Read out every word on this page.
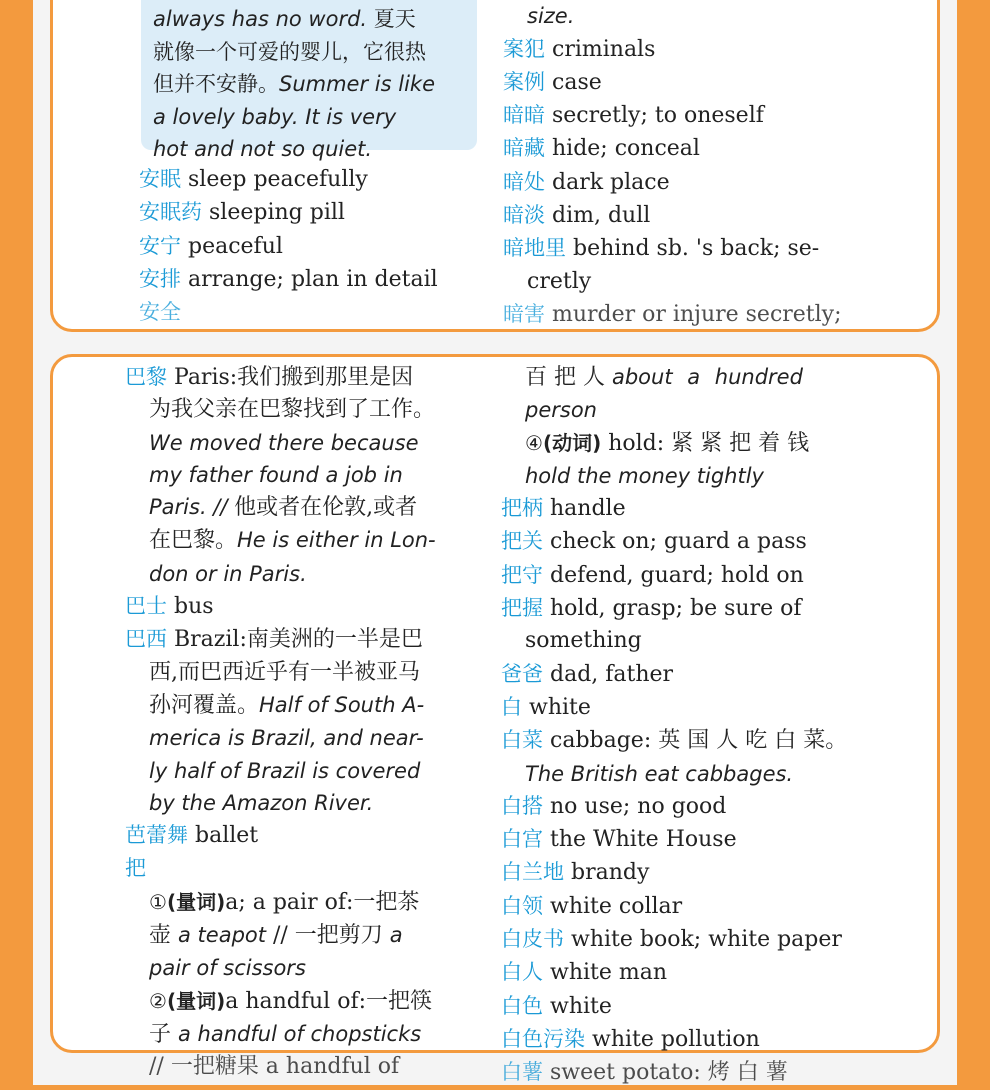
always has no word. 夏天
就像一个可爱的婴儿，它很热
但并不安静。Summer is like
a lovely baby. It is very
hot and not so quiet.
安眠 sleep peacefully
安眠药 sleeping pill
安宁 peaceful
安排 arrange; plan in detail
安全
size.
案犯 criminals
案例 case
暗暗 secretly; to oneself
暗藏 hide; conceal
暗处 dark place
暗淡 dim, dull
暗地里 behind sb. 's back; se-
cretly
暗害 murder or injure secretly;
巴黎 Paris:我们搬到那里是因
为我父亲在巴黎找到了工作。
We moved there because
my father found a job in
Paris. // 他或者在伦敦,或者
在巴黎。He is either in Lon-
don or in Paris.
巴士 bus
巴西 Brazil:南美洲的一半是巴
西,而巴西近乎有一半被亚马
孙河覆盖。Half of South A-
merica is Brazil, and near-
ly half of Brazil is covered
by the Amazon River.
芭蕾舞 ballet
把
①(量词)a; a pair of:一把茶
壶 a teapot // 一把剪刀 a
pair of scissors
②(量词)a handful of:一把筷
子 a handful of chopsticks
百 把 人 about a hundred
person
④(动词) hold: 紧 紧 把 着 钱
hold the money tightly
把柄 handle
把关 check on; guard a pass
把守 defend, guard; hold on
把握 hold, grasp; be sure of
something
爸爸 dad, father
白 white
白菜 cabbage: 英 国 人 吃 白 菜。
The British eat cabbages.
白搭 no use; no good
白宫 the White House
白兰地 brandy
白领 white collar
白皮书 white book; white paper
白人 white man
白色 white
白色污染 white pollution
白薯 sweet potato: 烤 白 薯
